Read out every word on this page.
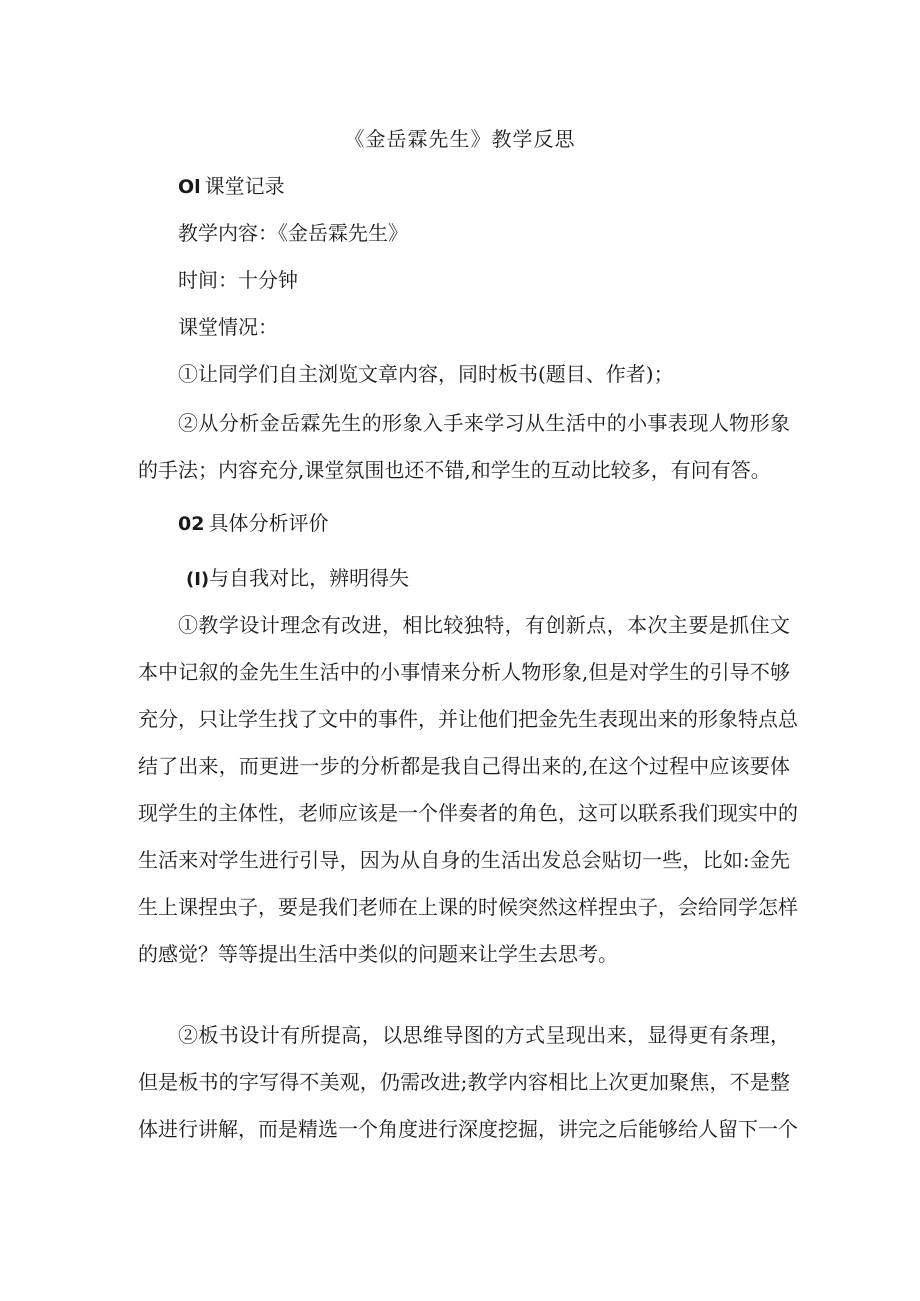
《金岳霖先生》教学反思
Ol 课堂记录
教学内容：《金岳霖先生》
时间：十分钟
课堂情况：
①让同学们自主浏览文章内容，同时板书(题目、作者)；
②从分析金岳霖先生的形象入手来学习从生活中的小事表现人物形象
的手法；内容充分,课堂氛围也还不错,和学生的互动比较多，有问有答。
02 具体分析评价
(I)与自我对比，辨明得失
①教学设计理念有改进，相比较独特，有创新点，本次主要是抓住文
本中记叙的金先生生活中的小事情来分析人物形象,但是对学生的引导不够
充分，只让学生找了文中的事件，并让他们把金先生表现出来的形象特点总
结了出来，而更进一步的分析都是我自己得出来的,在这个过程中应该要体
现学生的主体性，老师应该是一个伴奏者的角色，这可以联系我们现实中的
生活来对学生进行引导，因为从自身的生活出发总会贴切一些，比如:金先
生上课捏虫子，要是我们老师在上课的时候突然这样捏虫子，会给同学怎样
的感觉？等等提出生活中类似的问题来让学生去思考。
②板书设计有所提高，以思维导图的方式呈现出来，显得更有条理，
但是板书的字写得不美观，仍需改进;教学内容相比上次更加聚焦，不是整
体进行讲解，而是精选一个角度进行深度挖掘，讲完之后能够给人留下一个
